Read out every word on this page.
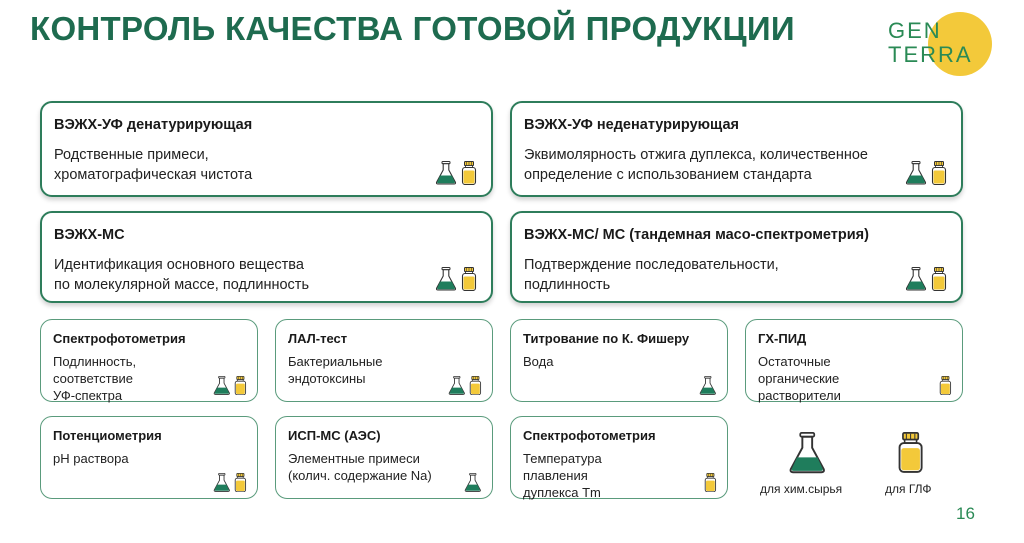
КОНТРОЛЬ КАЧЕСТВА ГОТОВОЙ ПРОДУКЦИИ	GEN
TERRA
ВЭЖХ-УФ денатурирующая
Родственные примеси,
хроматографическая чистота
ВЭЖХ-УФ неденатурирующая
Эквимолярность отжига дуплекса, количественное
определение с использованием стандарта
ВЭЖХ-МС
Идентификация основного вещества
по молекулярной массе, подлинность
ВЭЖХ-МС/ МС (тандемная масо-спектрометрия)
Подтверждение последовательности,
подлинность
Спектрофотометрия
Подлинность, соответствие
УФ-спектра
ЛАЛ-тест
Бактериальные
эндотоксины
Титрование по К. Фишеру
Вода
ГХ-ПИД
Остаточные органические
растворители
Потенциометрия
pH раствора
ИСП-МС (АЭС)
Элементные примеси
(колич. содержание Na)
Спектрофотометрия
Температура плавления
дуплекса Tm	для хим.сырья	для ГЛФ
16
